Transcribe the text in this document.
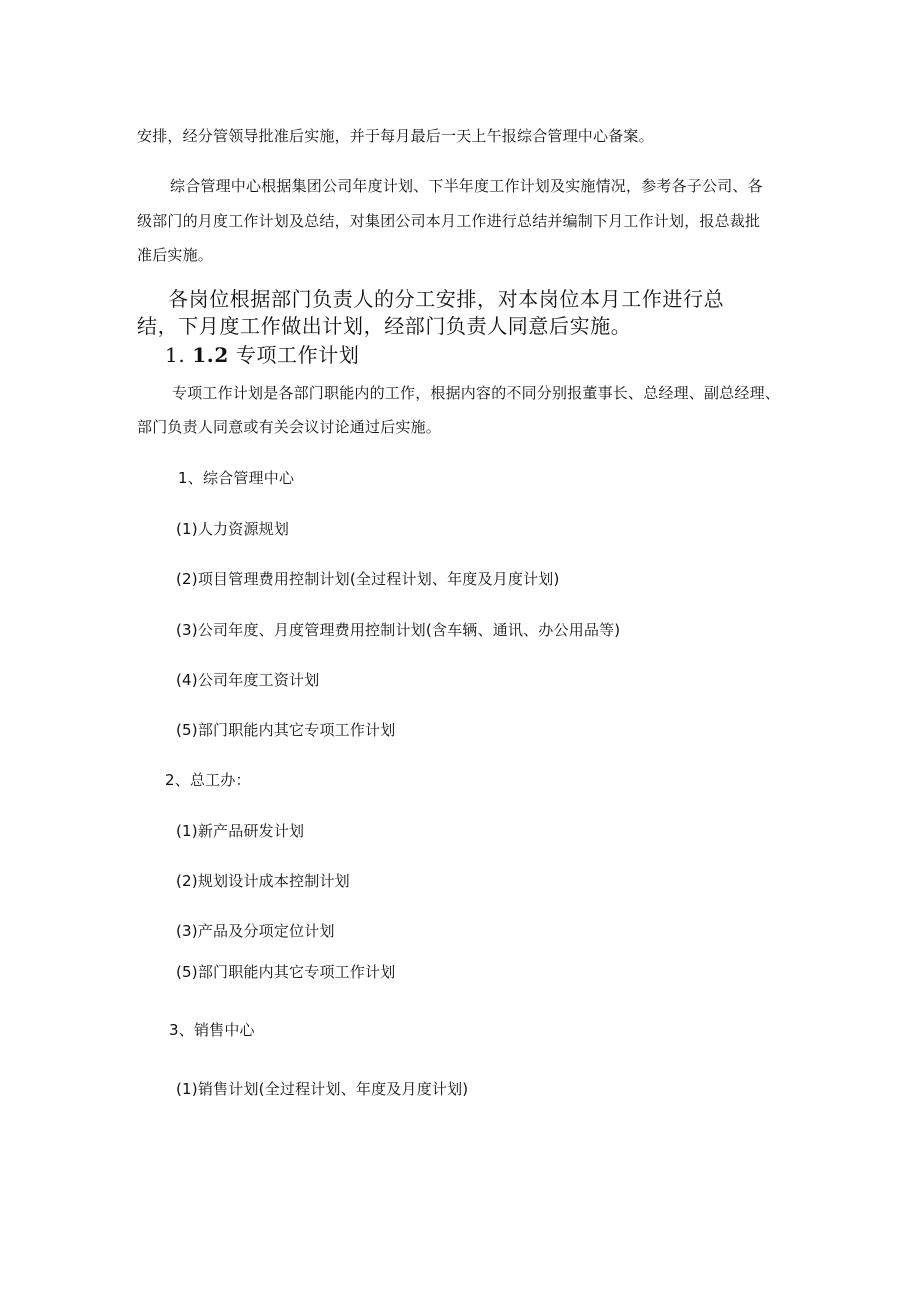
安排，经分管领导批准后实施，并于每月最后一天上午报综合管理中心备案。
综合管理中心根据集团公司年度计划、下半年度工作计划及实施情况，参考各子公司、各
级部门的月度工作计划及总结，对集团公司本月工作进行总结并编制下月工作计划，报总裁批
准后实施。
各岗位根据部门负责人的分工安排，对本岗位本月工作进行总
结，下月度工作做出计划，经部门负责人同意后实施。
1. 1.2 专项工作计划
专项工作计划是各部门职能内的工作，根据内容的不同分别报董事长、总经理、副总经理、
部门负责人同意或有关会议讨论通过后实施。
1、综合管理中心
(1)人力资源规划
(2)项目管理费用控制计划(全过程计划、年度及月度计划)
(3)公司年度、月度管理费用控制计划(含车辆、通讯、办公用品等)
(4)公司年度工资计划
(5)部门职能内其它专项工作计划
2、总工办：
(1)新产品研发计划
(2)规划设计成本控制计划
(3)产品及分项定位计划
(5)部门职能内其它专项工作计划
3、销售中心
(1)销售计划(全过程计划、年度及月度计划)
